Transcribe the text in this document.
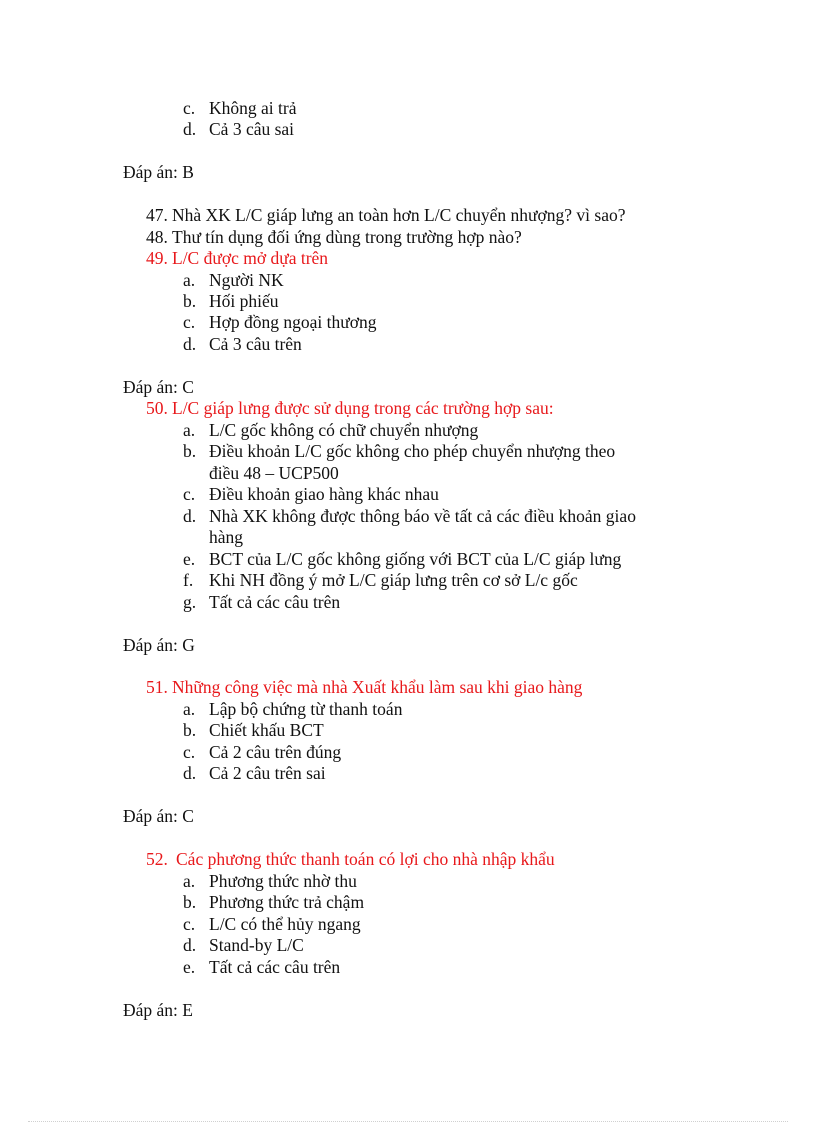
c. Không ai trả
d. Cả 3 câu sai
Đáp án: B
47. Nhà XK L/C giáp lưng an toàn hơn L/C chuyển nhượng? vì sao?
48. Thư tín dụng đối ứng dùng trong trường hợp nào?
49. L/C được mở dựa trên
a. Người NK
b. Hối phiếu
c. Hợp đồng ngoại thương
d. Cả 3 câu trên
Đáp án: C
50. L/C giáp lưng được sử dụng trong các trường hợp sau:
a. L/C gốc không có chữ chuyển nhượng
b. Điều khoản L/C gốc không cho phép chuyển nhượng theo
điều 48 – UCP500
c. Điều khoản giao hàng khác nhau
d. Nhà XK không được thông báo về tất cả các điều khoản giao
hàng
e. BCT của L/C gốc không giống với BCT của L/C giáp lưng
f. Khi NH đồng ý mở L/C giáp lưng trên cơ sở L/c gốc
g. Tất cả các câu trên
Đáp án: G
51. Những công việc mà nhà Xuất khẩu làm sau khi giao hàng
a. Lập bộ chứng từ thanh toán
b. Chiết khấu BCT
c. Cả 2 câu trên đúng
d. Cả 2 câu trên sai
Đáp án: C
52. Các phương thức thanh toán có lợi cho nhà nhập khẩu
a. Phương thức nhờ thu
b. Phương thức trả chậm
c. L/C có thể hủy ngang
d. Stand-by L/C
e. Tất cả các câu trên
Đáp án: E
